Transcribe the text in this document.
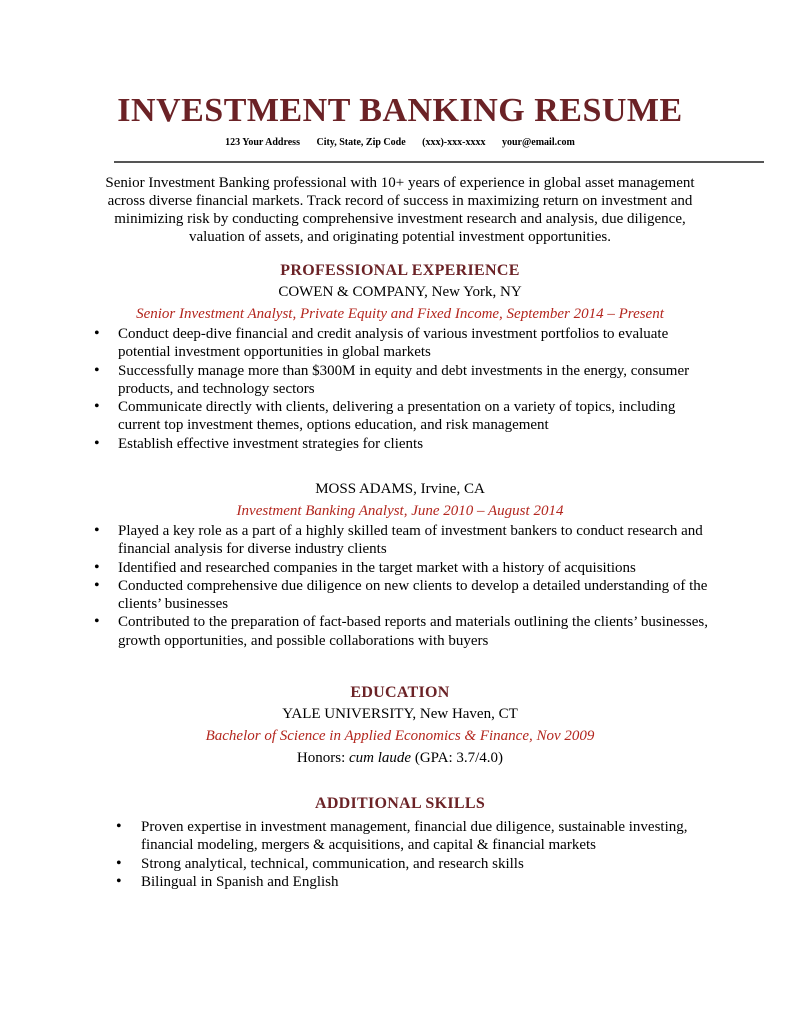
INVESTMENT BANKING RESUME
123 Your Address City, State, Zip Code (xxx)-xxx-xxxx your@email.com
Senior Investment Banking professional with 10+ years of experience in global asset management across diverse financial markets. Track record of success in maximizing return on investment and minimizing risk by conducting comprehensive investment research and analysis, due diligence, valuation of assets, and originating potential investment opportunities.
PROFESSIONAL EXPERIENCE
COWEN & COMPANY, New York, NY
Senior Investment Analyst, Private Equity and Fixed Income, September 2014 – Present
• Conduct deep-dive financial and credit analysis of various investment portfolios to evaluate potential investment opportunities in global markets
• Successfully manage more than $300M in equity and debt investments in the energy, consumer products, and technology sectors
• Communicate directly with clients, delivering a presentation on a variety of topics, including current top investment themes, options education, and risk management
• Establish effective investment strategies for clients
MOSS ADAMS, Irvine, CA
Investment Banking Analyst, June 2010 – August 2014
• Played a key role as a part of a highly skilled team of investment bankers to conduct research and financial analysis for diverse industry clients
• Identified and researched companies in the target market with a history of acquisitions
• Conducted comprehensive due diligence on new clients to develop a detailed understanding of the clients’ businesses
• Contributed to the preparation of fact-based reports and materials outlining the clients’ businesses, growth opportunities, and possible collaborations with buyers
EDUCATION
YALE UNIVERSITY, New Haven, CT
Bachelor of Science in Applied Economics & Finance, Nov 2009
Honors: cum laude (GPA: 3.7/4.0)
ADDITIONAL SKILLS
• Proven expertise in investment management, financial due diligence, sustainable investing, financial modeling, mergers & acquisitions, and capital & financial markets
• Strong analytical, technical, communication, and research skills
• Bilingual in Spanish and English
